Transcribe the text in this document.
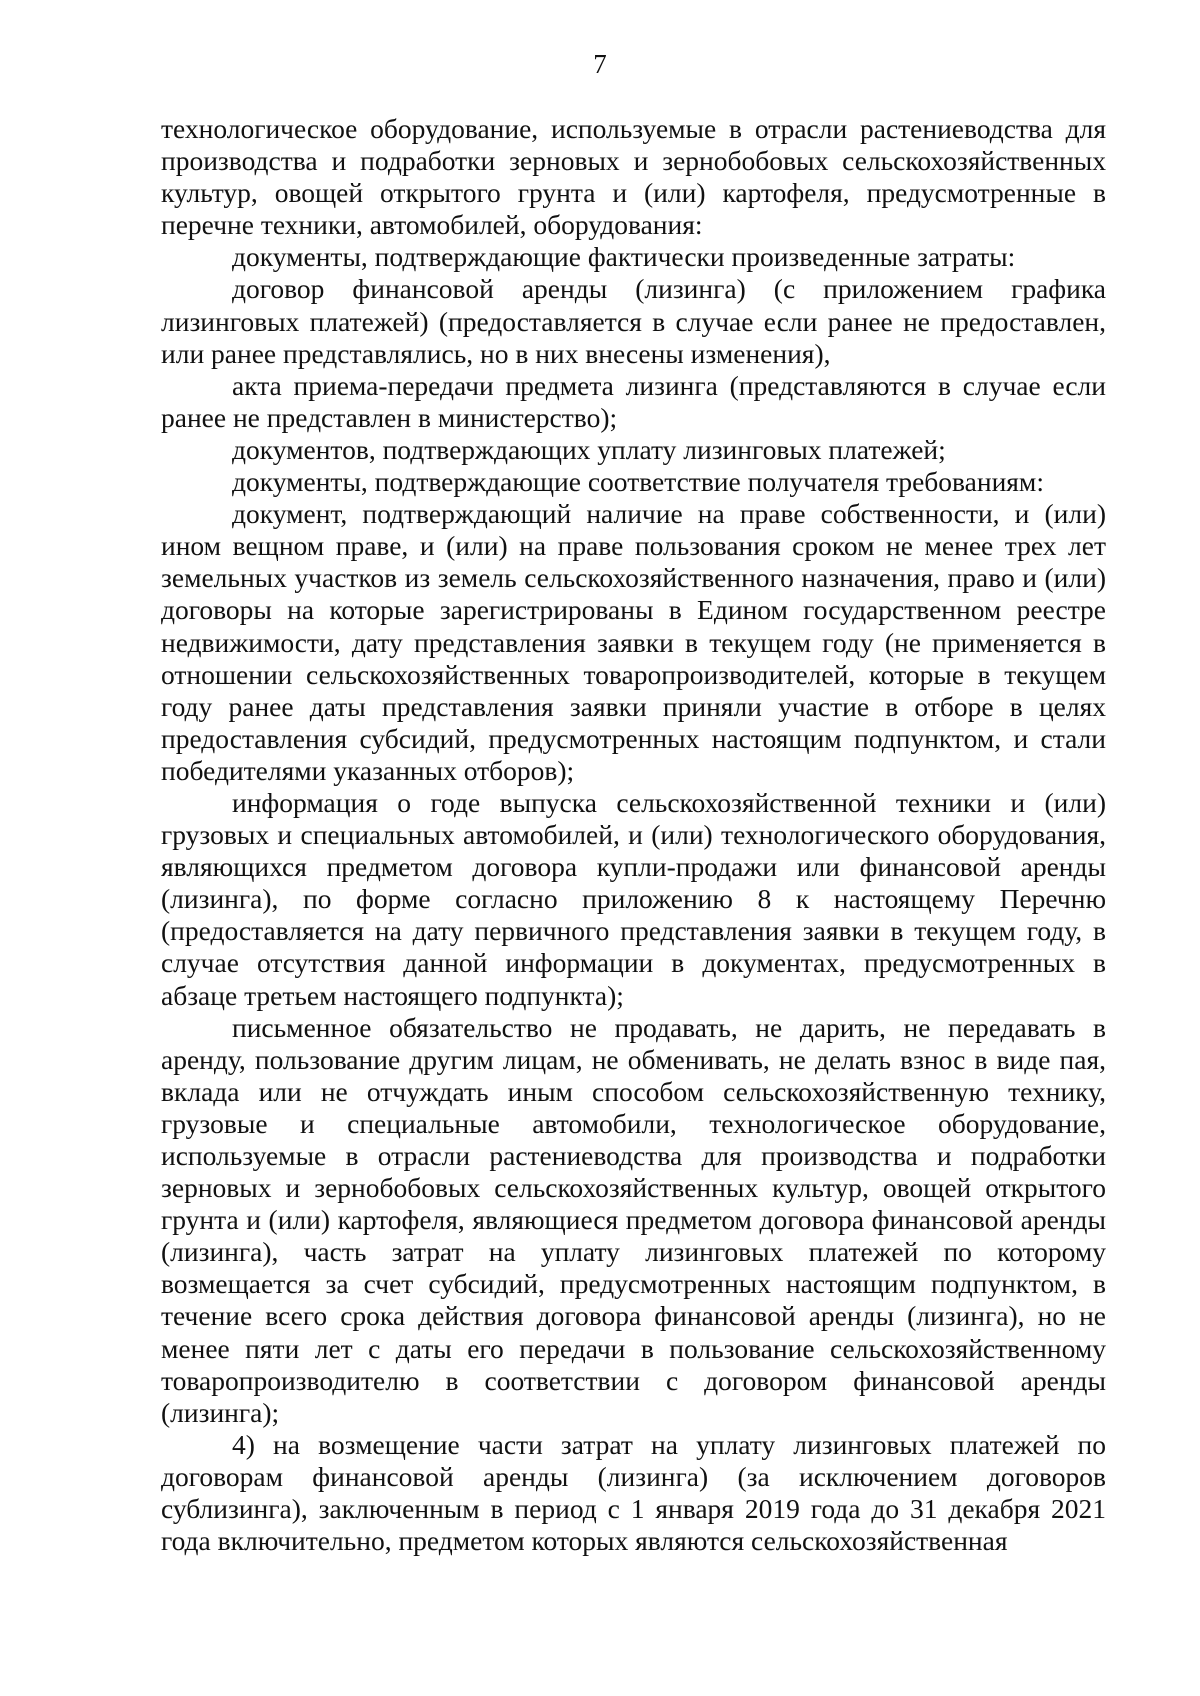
7

технологическое оборудование, используемые в отрасли растениеводства для производства и подработки зерновых и зернобобовых сельскохозяйственных культур, овощей открытого грунта и (или) картофеля, предусмотренные в перечне техники, автомобилей, оборудования:

документы, подтверждающие фактически произведенные затраты:

договор финансовой аренды (лизинга) (с приложением графика лизинговых платежей) (предоставляется в случае если ранее не предоставлен, или ранее представлялись, но в них внесены изменения),

акта приема-передачи предмета лизинга (представляются в случае если ранее не представлен в министерство);

документов, подтверждающих уплату лизинговых платежей;

документы, подтверждающие соответствие получателя требованиям:

документ, подтверждающий наличие на праве собственности, и (или) ином вещном праве, и (или) на праве пользования сроком не менее трех лет земельных участков из земель сельскохозяйственного назначения, право и (или) договоры на которые зарегистрированы в Едином государственном реестре недвижимости, дату представления заявки в текущем году (не применяется в отношении сельскохозяйственных товаропроизводителей, которые в текущем году ранее даты представления заявки приняли участие в отборе в целях предоставления субсидий, предусмотренных настоящим подпунктом, и стали победителями указанных отборов);

информация о годе выпуска сельскохозяйственной техники и (или) грузовых и специальных автомобилей, и (или) технологического оборудования, являющихся предметом договора купли-продажи или финансовой аренды (лизинга), по форме согласно приложению 8 к настоящему Перечню (предоставляется на дату первичного представления заявки в текущем году, в случае отсутствия данной информации в документах, предусмотренных в абзаце третьем настоящего подпункта);

письменное обязательство не продавать, не дарить, не передавать в аренду, пользование другим лицам, не обменивать, не делать взнос в виде пая, вклада или не отчуждать иным способом сельскохозяйственную технику, грузовые и специальные автомобили, технологическое оборудование, используемые в отрасли растениеводства для производства и подработки зерновых и зернобобовых сельскохозяйственных культур, овощей открытого грунта и (или) картофеля, являющиеся предметом договора финансовой аренды (лизинга), часть затрат на уплату лизинговых платежей по которому возмещается за счет субсидий, предусмотренных настоящим подпунктом, в течение всего срока действия договора финансовой аренды (лизинга), но не менее пяти лет с даты его передачи в пользование сельскохозяйственному товаропроизводителю в соответствии с договором финансовой аренды (лизинга);

4) на возмещение части затрат на уплату лизинговых платежей по договорам финансовой аренды (лизинга) (за исключением договоров сублизинга), заключенным в период с 1 января 2019 года до 31 декабря 2021 года включительно, предметом которых являются сельскохозяйственная
